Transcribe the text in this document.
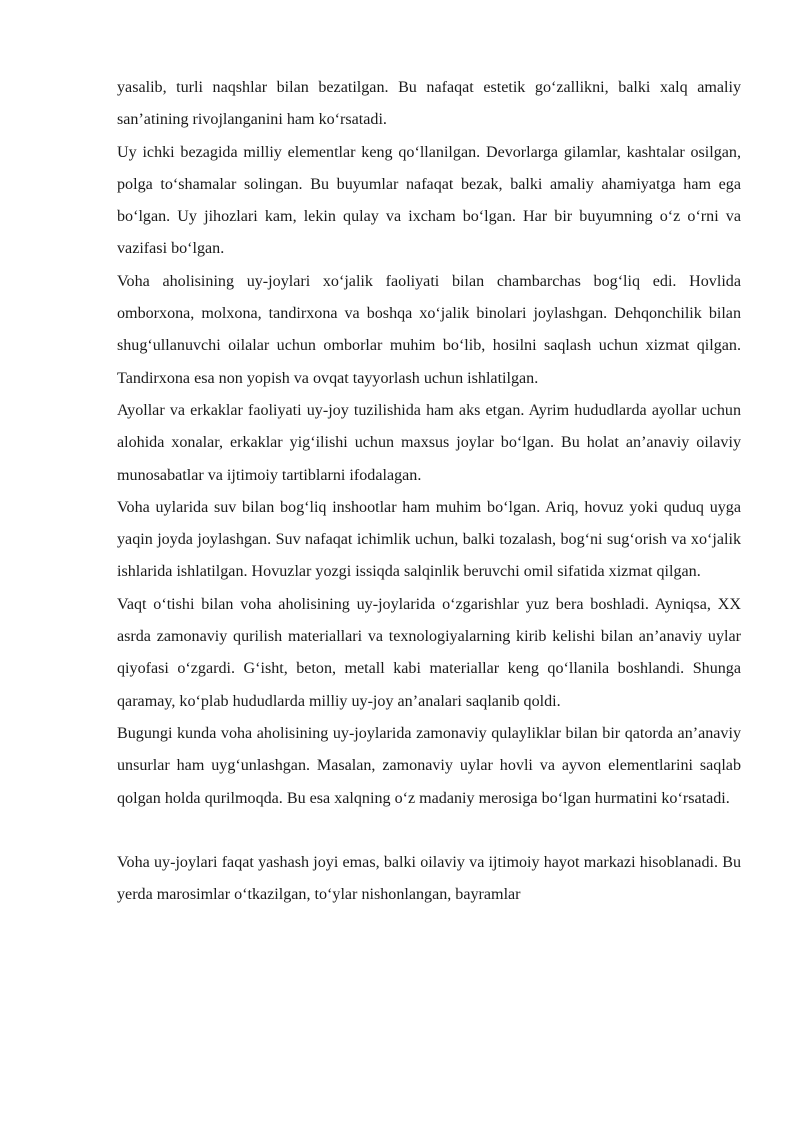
yasalib, turli naqshlar bilan bezatilgan. Bu nafaqat estetik go‘zallikni, balki xalq amaliy san’atining rivojlanganini ham ko‘rsatadi.

Uy ichki bezagida milliy elementlar keng qo‘llanilgan. Devorlarga gilamlar, kashtalar osilgan, polga to‘shamalar solingan. Bu buyumlar nafaqat bezak, balki amaliy ahamiyatga ham ega bo‘lgan. Uy jihozlari kam, lekin qulay va ixcham bo‘lgan. Har bir buyumning o‘z o‘rni va vazifasi bo‘lgan.

Voha aholisining uy-joylari xo‘jalik faoliyati bilan chambarchas bog‘liq edi. Hovlida omborxona, molxona, tandirxona va boshqa xo‘jalik binolari joylashgan. Dehqonchilik bilan shug‘ullanuvchi oilalar uchun omborlar muhim bo‘lib, hosilni saqlash uchun xizmat qilgan. Tandirxona esa non yopish va ovqat tayyorlash uchun ishlatilgan.

Ayollar va erkaklar faoliyati uy-joy tuzilishida ham aks etgan. Ayrim hududlarda ayollar uchun alohida xonalar, erkaklar yig‘ilishi uchun maxsus joylar bo‘lgan. Bu holat an’anaviy oilaviy munosabatlar va ijtimoiy tartiblarni ifodalagan.

Voha uylarida suv bilan bog‘liq inshootlar ham muhim bo‘lgan. Ariq, hovuz yoki quduq uyga yaqin joyda joylashgan. Suv nafaqat ichimlik uchun, balki tozalash, bog‘ni sug‘orish va xo‘jalik ishlarida ishlatilgan. Hovuzlar yozgi issiqda salqinlik beruvchi omil sifatida xizmat qilgan.

Vaqt o‘tishi bilan voha aholisining uy-joylarida o‘zgarishlar yuz bera boshladi. Ayniqsa, XX asrda zamonaviy qurilish materiallari va texnologiyalarning kirib kelishi bilan an’anaviy uylar qiyofasi o‘zgardi. G‘isht, beton, metall kabi materiallar keng qo‘llanila boshlandi. Shunga qaramay, ko‘plab hududlarda milliy uy-joy an’analari saqlanib qoldi.

Bugungi kunda voha aholisining uy-joylarida zamonaviy qulayliklar bilan bir qatorda an’anaviy unsurlar ham uyg‘unlashgan. Masalan, zamonaviy uylar hovli va ayvon elementlarini saqlab qolgan holda qurilmoqda. Bu esa xalqning o‘z madaniy merosiga bo‘lgan hurmatini ko‘rsatadi.

Voha uy-joylari faqat yashash joyi emas, balki oilaviy va ijtimoiy hayot markazi hisoblanadi. Bu yerda marosimlar o‘tkazilgan, to‘ylar nishonlangan, bayramlar
